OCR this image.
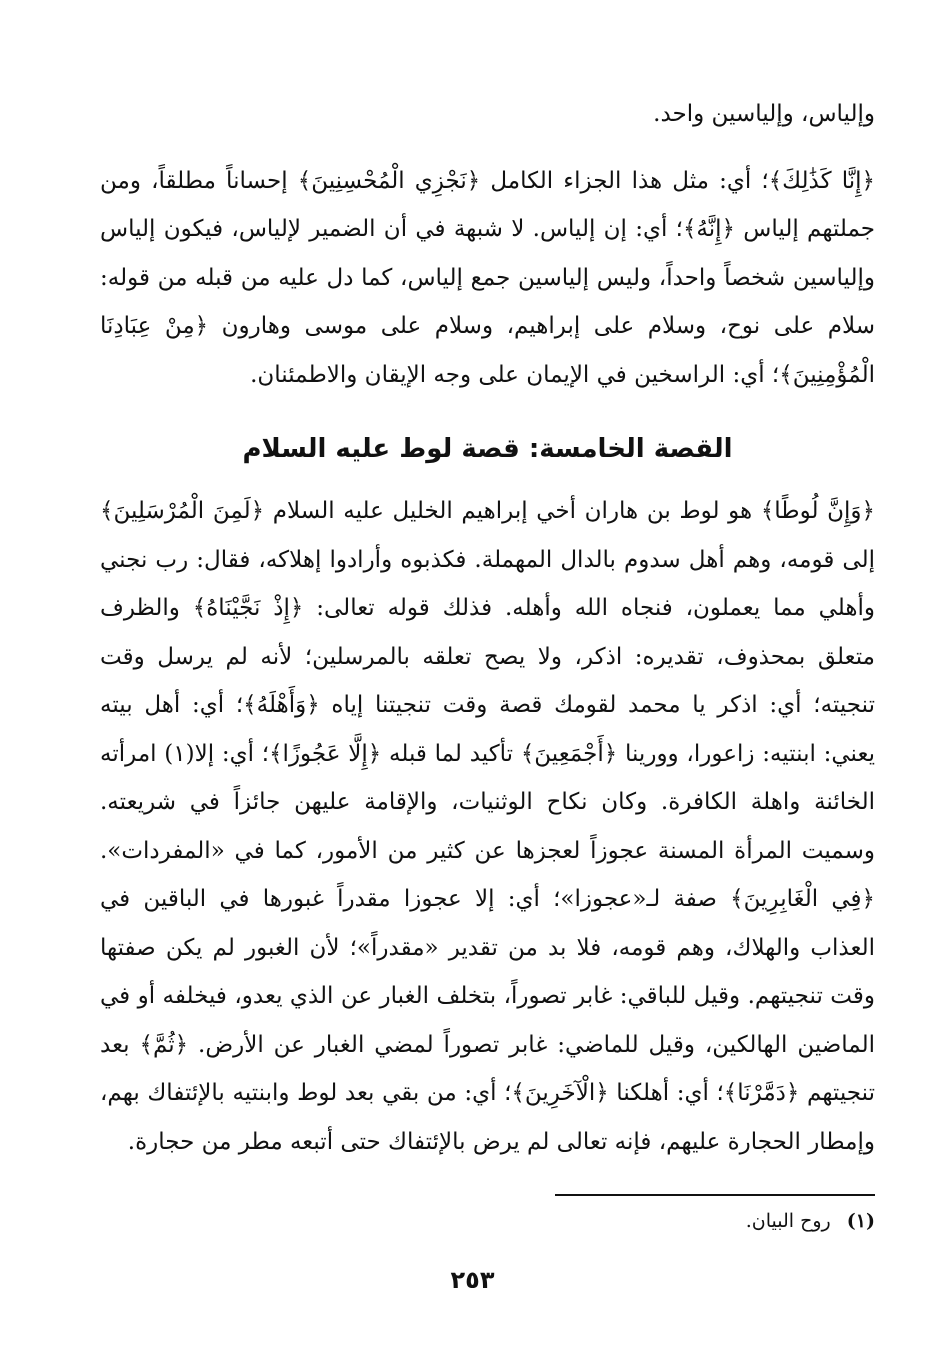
وإلياس، وإلياسين واحد.

﴿إِنَّا كَذَٰلِكَ﴾؛ أي: مثل هذا الجزاء الكامل ﴿نَجْزِي الْمُحْسِنِينَ﴾ إحساناً مطلقاً، ومن جملتهم إلياس ﴿إِنَّهُ﴾؛ أي: إن إلياس. لا شبهة في أن الضمير لإلياس، فيكون إلياس وإلياسين شخصاً واحداً، وليس إلياسين جمع إلياس، كما دل عليه من قبله من قوله: سلام على نوح، وسلام على إبراهيم، وسلام على موسى وهارون ﴿مِنْ عِبَادِنَا الْمُؤْمِنِينَ﴾؛ أي: الراسخين في الإيمان على وجه الإيقان والاطمئنان.

القصة الخامسة: قصة لوط عليه السلام

﴿وَإِنَّ لُوطًا﴾ هو لوط بن هاران أخي إبراهيم الخليل عليه السلام ﴿لَمِنَ الْمُرْسَلِينَ﴾ إلى قومه، وهم أهل سدوم بالدال المهملة. فكذبوه وأرادوا إهلاكه، فقال: رب نجني وأهلي مما يعملون، فنجاه الله وأهله. فذلك قوله تعالى: ﴿إِذْ نَجَّيْنَاهُ﴾ والظرف متعلق بمحذوف، تقديره: اذكر، ولا يصح تعلقه بالمرسلين؛ لأنه لم يرسل وقت تنجيته؛ أي: اذكر يا محمد لقومك قصة وقت تنجيتنا إياه ﴿وَأَهْلَهُ﴾؛ أي: أهل بيته يعني: ابنتيه: زاعورا، وورينا ﴿أَجْمَعِينَ﴾ تأكيد لما قبله ﴿إِلَّا عَجُوزًا﴾؛ أي: إلا(١) امرأته الخائنة واهلة الكافرة. وكان نكاح الوثنيات، والإقامة عليهن جائزاً في شريعته. وسميت المرأة المسنة عجوزاً لعجزها عن كثير من الأمور، كما في «المفردات». ﴿فِي الْغَابِرِينَ﴾ صفة لـ«عجوزا»؛ أي: إلا عجوزا مقدراً غبورها في الباقين في العذاب والهلاك، وهم قومه، فلا بد من تقدير «مقدراً»؛ لأن الغبور لم يكن صفتها وقت تنجيتهم. وقيل للباقي: غابر تصوراً، بتخلف الغبار عن الذي يعدو، فيخلفه أو في الماضين الهالكين، وقيل للماضي: غابر تصوراً لمضي الغبار عن الأرض. ﴿ثُمَّ﴾ بعد تنجيتهم ﴿دَمَّرْنَا﴾؛ أي: أهلكنا ﴿الْآخَرِينَ﴾؛ أي: من بقي بعد لوط وابنتيه بالإئتفاك بهم، وإمطار الحجارة عليهم، فإنه تعالى لم يرض بالإئتفاك حتى أتبعه مطر من حجارة.

(١) روح البيان.
٢٥٣
